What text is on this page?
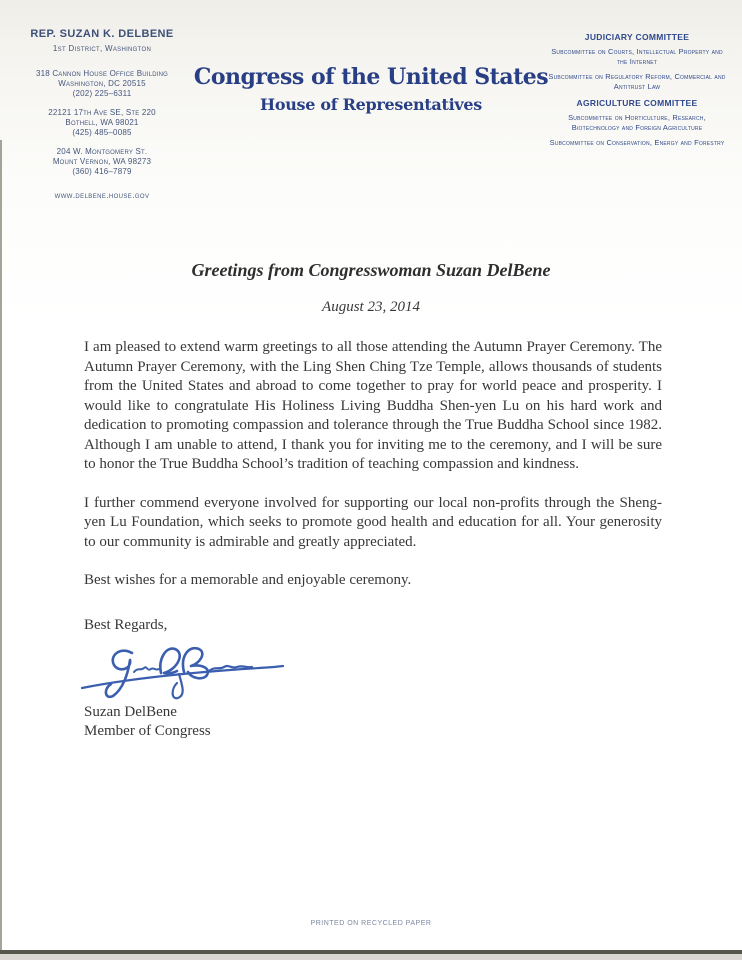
REP. SUZAN K. DELBENE
1st District, Washington
318 Cannon House Office Building
Washington, DC 20515
(202) 225–6311
22121 17th Ave SE, Ste 220
Bothell, WA 98021
(425) 485–0085
204 W. Montgomery St.
Mount Vernon, WA 98273
(360) 416–7879
www.delbene.house.gov
Congress of the United States
House of Representatives
JUDICIARY COMMITTEE
Subcommittee on Courts, Intellectual Property and the Internet
Subcommittee on Regulatory Reform, Commercial and Antitrust Law
AGRICULTURE COMMITTEE
Subcommittee on Horticulture, Research, Biotechnology and Foreign Agriculture
Subcommittee on Conservation, Energy and Forestry
Greetings from Congresswoman Suzan DelBene
August 23, 2014

I am pleased to extend warm greetings to all those attending the Autumn Prayer Ceremony. The Autumn Prayer Ceremony, with the Ling Shen Ching Tze Temple, allows thousands of students from the United States and abroad to come together to pray for world peace and prosperity. I would like to congratulate His Holiness Living Buddha Shen-yen Lu on his hard work and dedication to promoting compassion and tolerance through the True Buddha School since 1982. Although I am unable to attend, I thank you for inviting me to the ceremony, and I will be sure to honor the True Buddha School’s tradition of teaching compassion and kindness.

I further commend everyone involved for supporting our local non-profits through the Sheng-yen Lu Foundation, which seeks to promote good health and education for all. Your generosity to our community is admirable and greatly appreciated.

Best wishes for a memorable and enjoyable ceremony.

Best Regards,
Suzan DelBene
Member of Congress
PRINTED ON RECYCLED PAPER
